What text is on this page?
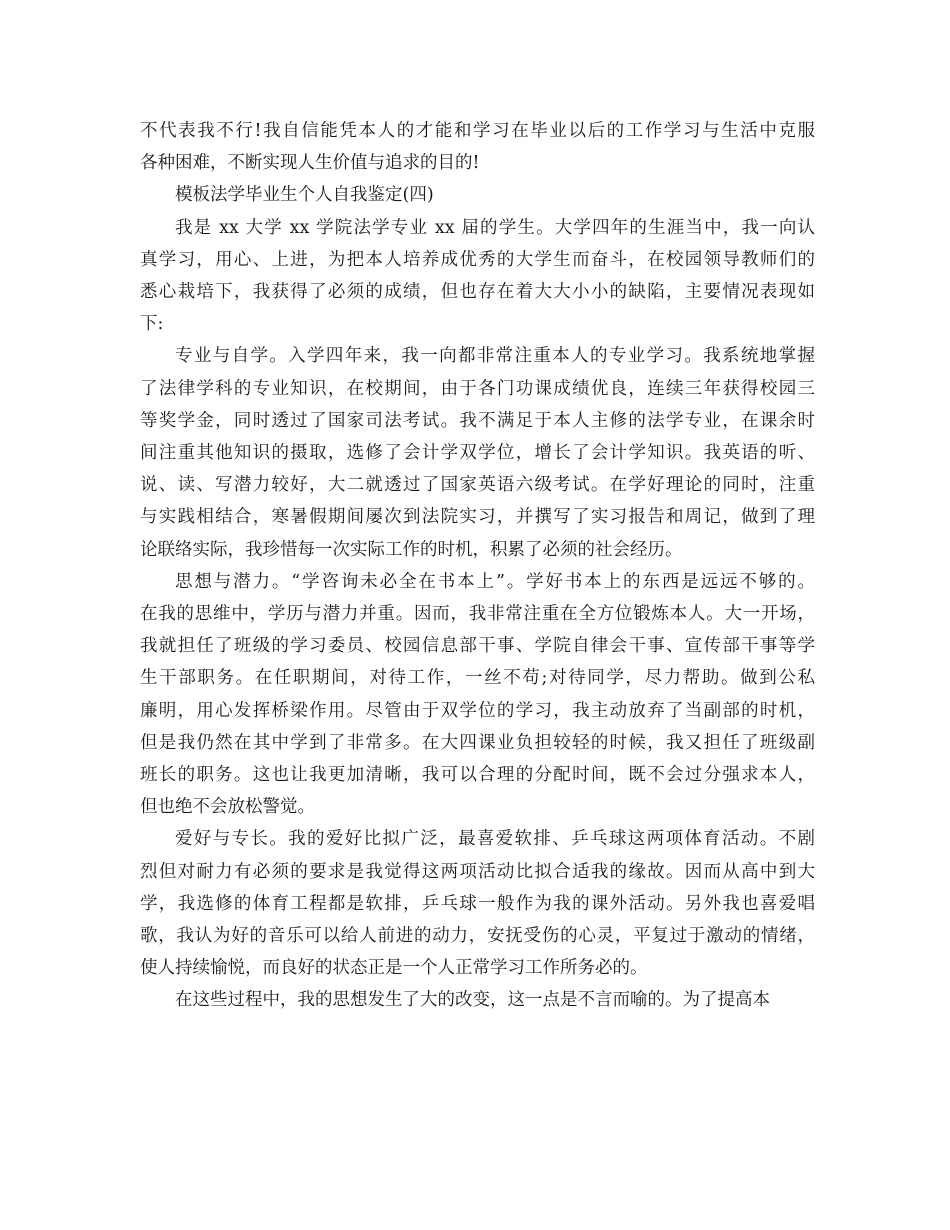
不代表我不行!我自信能凭本人的才能和学习在毕业以后的工作学习与生活中克服
各种困难，不断实现人生价值与追求的目的!
模板法学毕业生个人自我鉴定(四)
我是 xx 大学 xx 学院法学专业 xx 届的学生。大学四年的生涯当中，我一向认
真学习，用心、上进，为把本人培养成优秀的大学生而奋斗，在校园领导教师们的
悉心栽培下，我获得了必须的成绩，但也存在着大大小小的缺陷，主要情况表现如
下:
专业与自学。入学四年来，我一向都非常注重本人的专业学习。我系统地掌握
了法律学科的专业知识，在校期间，由于各门功课成绩优良，连续三年获得校园三
等奖学金，同时透过了国家司法考试。我不满足于本人主修的法学专业，在课余时
间注重其他知识的摄取，选修了会计学双学位，增长了会计学知识。我英语的听、
说、读、写潜力较好，大二就透过了国家英语六级考试。在学好理论的同时，注重
与实践相结合，寒暑假期间屡次到法院实习，并撰写了实习报告和周记，做到了理
论联络实际，我珍惜每一次实际工作的时机，积累了必须的社会经历。
思想与潜力。“学咨询未必全在书本上”。学好书本上的东西是远远不够的。
在我的思维中，学历与潜力并重。因而，我非常注重在全方位锻炼本人。大一开场，
我就担任了班级的学习委员、校园信息部干事、学院自律会干事、宣传部干事等学
生干部职务。在任职期间，对待工作，一丝不苟;对待同学，尽力帮助。做到公私
廉明，用心发挥桥梁作用。尽管由于双学位的学习，我主动放弃了当副部的时机，
但是我仍然在其中学到了非常多。在大四课业负担较轻的时候，我又担任了班级副
班长的职务。这也让我更加清晰，我可以合理的分配时间，既不会过分强求本人，
但也绝不会放松警觉。
爱好与专长。我的爱好比拟广泛，最喜爱软排、乒乓球这两项体育活动。不剧
烈但对耐力有必须的要求是我觉得这两项活动比拟合适我的缘故。因而从高中到大
学，我选修的体育工程都是软排，乒乓球一般作为我的课外活动。另外我也喜爱唱
歌，我认为好的音乐可以给人前进的动力，安抚受伤的心灵，平复过于激动的情绪，
使人持续愉悦，而良好的状态正是一个人正常学习工作所务必的。
在这些过程中，我的思想发生了大的改变，这一点是不言而喻的。为了提高本
